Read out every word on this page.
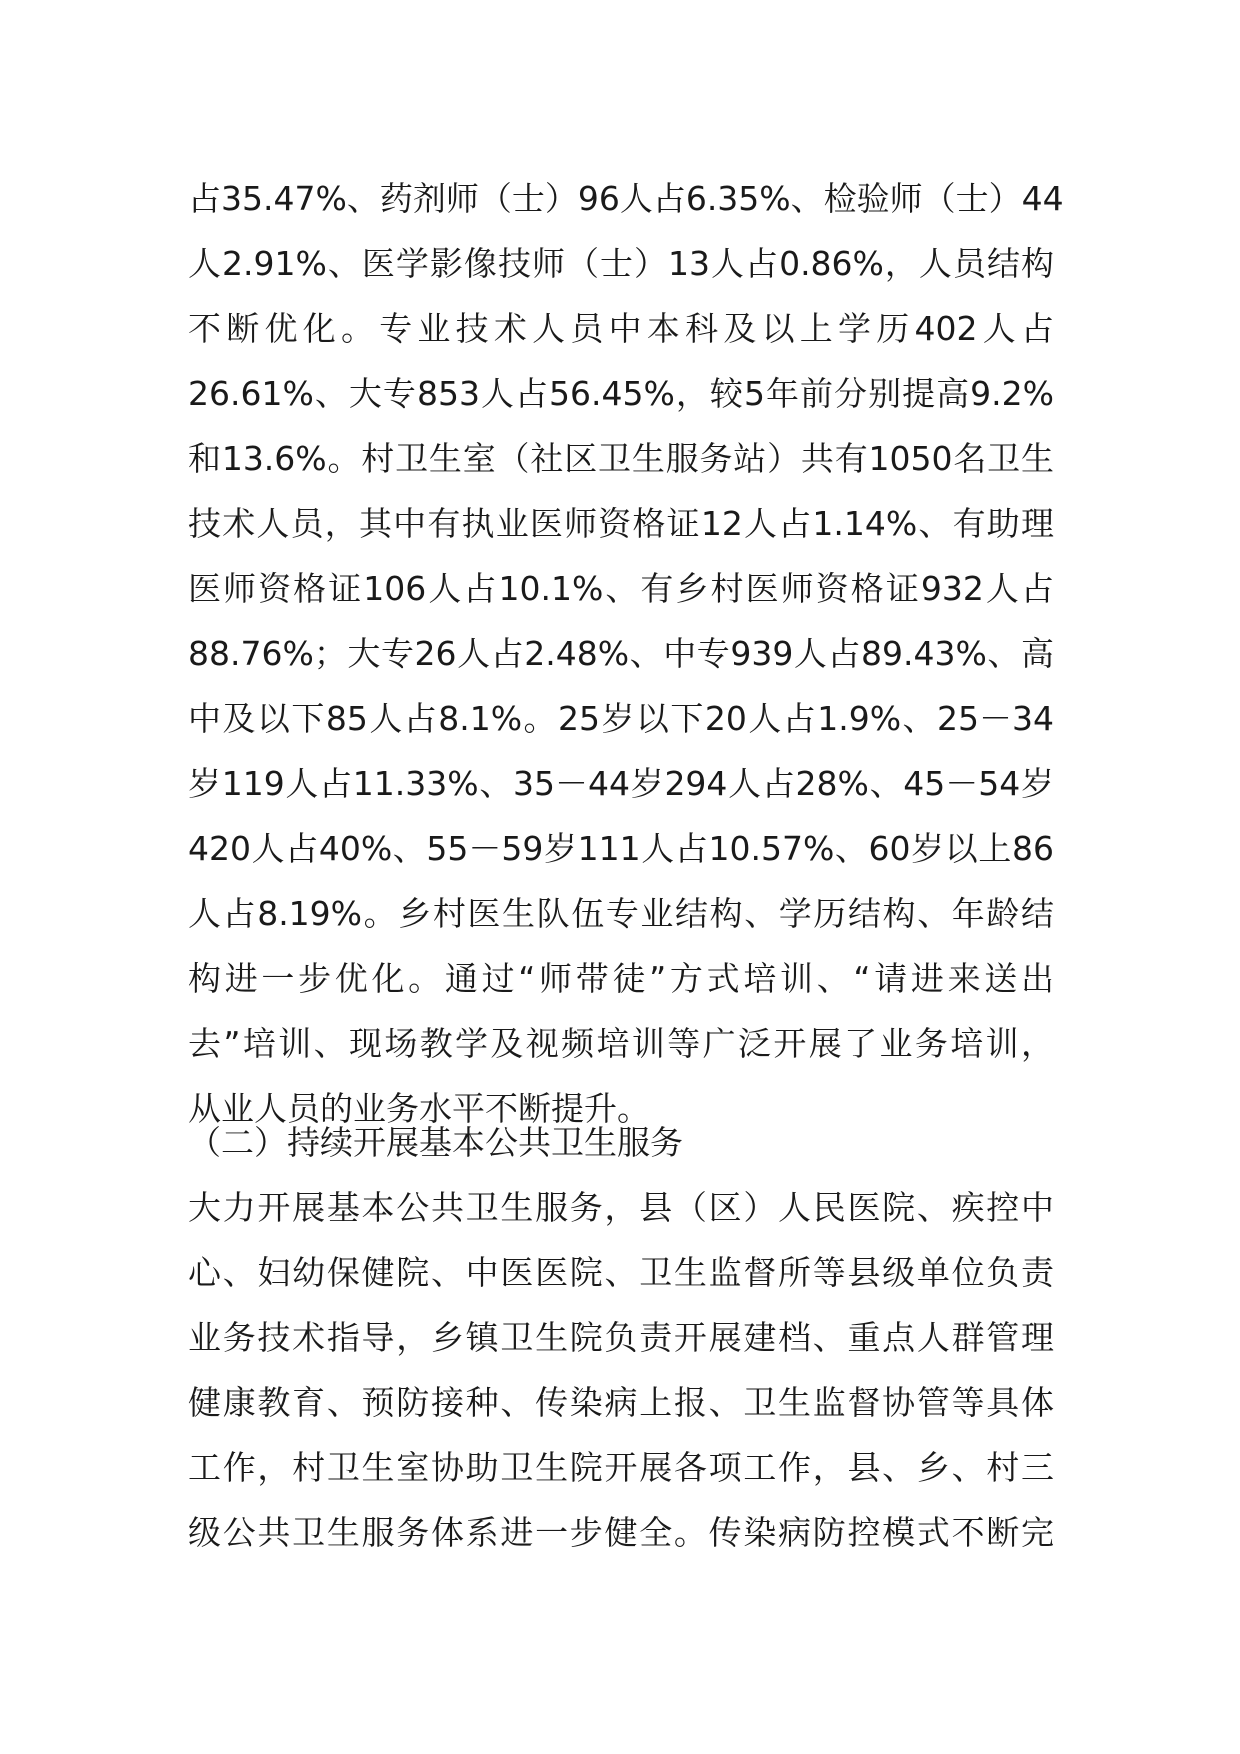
占35.47%、药剂师（士）96人占6.35%、检验师（士）44
人2.91%、医学影像技师（士）13人占0.86%，人员结构
不断优化。专业技术人员中本科及以上学历402人占
26.61%、大专853人占56.45%，较5年前分别提高9.2%
和13.6%。村卫生室（社区卫生服务站）共有1050名卫生
技术人员，其中有执业医师资格证12人占1.14%、有助理
医师资格证106人占10.1%、有乡村医师资格证932人占
88.76%；大专26人占2.48%、中专939人占89.43%、高
中及以下85人占8.1%。25岁以下20人占1.9%、25－34
岁119人占11.33%、35－44岁294人占28%、45－54岁
420人占40%、55－59岁111人占10.57%、60岁以上86
人占8.19%。乡村医生队伍专业结构、学历结构、年龄结
构进一步优化。通过“师带徒”方式培训、“请进来送出
去”培训、现场教学及视频培训等广泛开展了业务培训，
从业人员的业务水平不断提升。
（二）持续开展基本公共卫生服务
大力开展基本公共卫生服务，县（区）人民医院、疾控中
心、妇幼保健院、中医医院、卫生监督所等县级单位负责
业务技术指导，乡镇卫生院负责开展建档、重点人群管理
健康教育、预防接种、传染病上报、卫生监督协管等具体
工作，村卫生室协助卫生院开展各项工作，县、乡、村三
级公共卫生服务体系进一步健全。传染病防控模式不断完
